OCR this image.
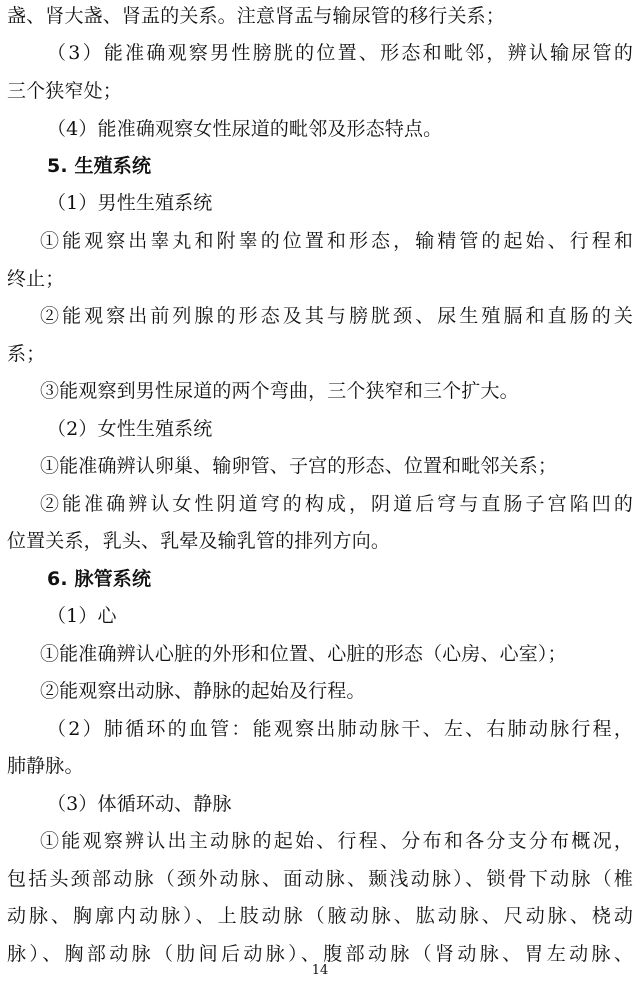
盏、肾大盏、肾盂的关系。注意肾盂与输尿管的移行关系；
（3）能准确观察男性膀胱的位置、形态和毗邻，辨认输尿管的
三个狭窄处；
（4）能准确观察女性尿道的毗邻及形态特点。
5. 生殖系统
（1）男性生殖系统
①能观察出睾丸和附睾的位置和形态，输精管的起始、行程和
终止；
②能观察出前列腺的形态及其与膀胱颈、尿生殖膈和直肠的关
系；
③能观察到男性尿道的两个弯曲，三个狭窄和三个扩大。
（2）女性生殖系统
①能准确辨认卵巢、输卵管、子宫的形态、位置和毗邻关系；
②能准确辨认女性阴道穹的构成，阴道后穹与直肠子宫陷凹的
位置关系，乳头、乳晕及输乳管的排列方向。
6. 脉管系统
（1）心
①能准确辨认心脏的外形和位置、心脏的形态（心房、心室）；
②能观察出动脉、静脉的起始及行程。
（2）肺循环的血管：能观察出肺动脉干、左、右肺动脉行程，
肺静脉。
（3）体循环动、静脉
①能观察辨认出主动脉的起始、行程、分布和各分支分布概况，
包括头颈部动脉（颈外动脉、面动脉、颞浅动脉）、锁骨下动脉（椎
动脉、胸廓内动脉）、上肢动脉（腋动脉、肱动脉、尺动脉、桡动
脉）、胸部动脉（肋间后动脉）、腹部动脉（肾动脉、胃左动脉、
14
